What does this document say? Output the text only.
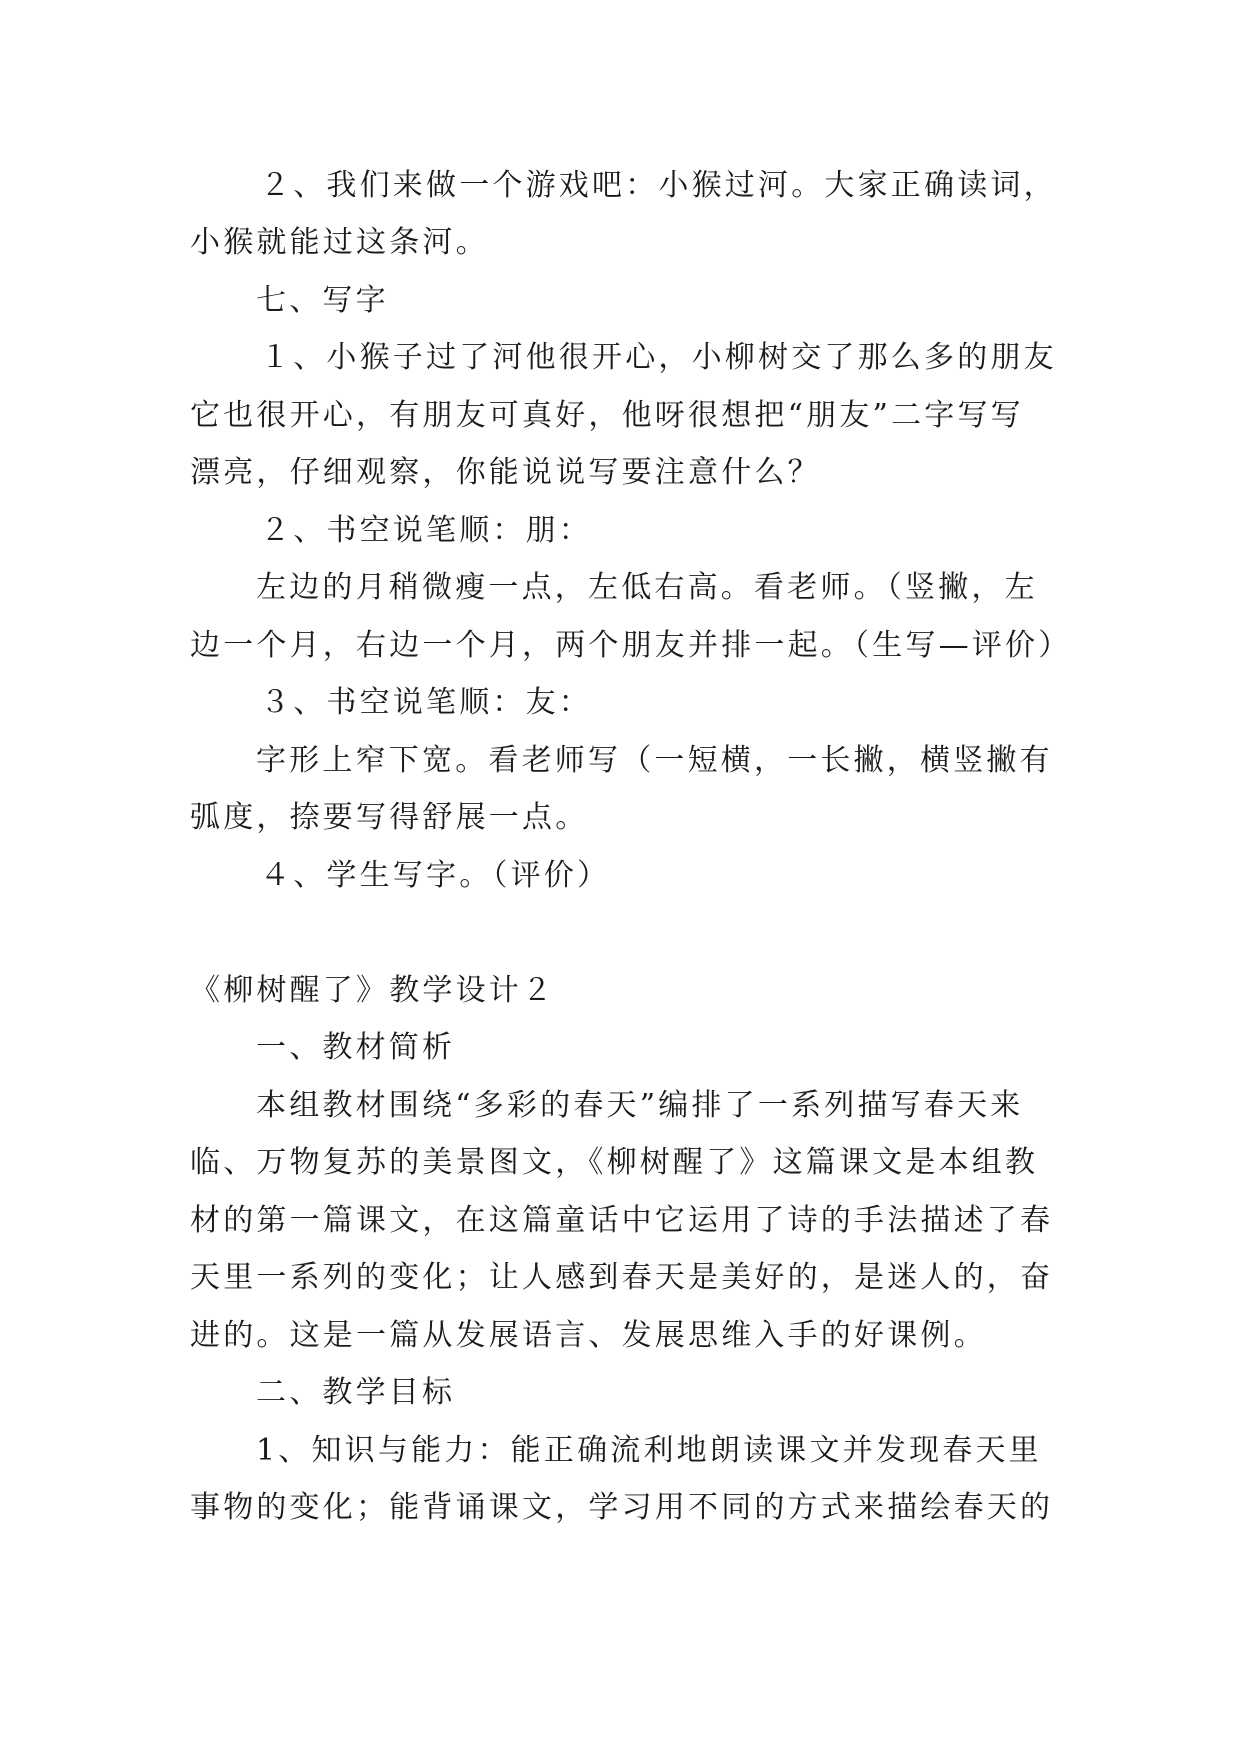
２、我们来做一个游戏吧：小猴过河。大家正确读词，
小猴就能过这条河。
七、写字
１、小猴子过了河他很开心，小柳树交了那么多的朋友
它也很开心，有朋友可真好，他呀很想把“朋友”二字写写
漂亮，仔细观察，你能说说写要注意什么？
２、书空说笔顺：朋：
左边的月稍微瘦一点，左低右高。看老师。（竖撇，左
边一个月，右边一个月，两个朋友并排一起。（生写—评价）
３、书空说笔顺：友：
字形上窄下宽。看老师写（一短横，一长撇，横竖撇有
弧度，捺要写得舒展一点。
４、学生写字。（评价）
《柳树醒了》教学设计２
一、教材简析
本组教材围绕“多彩的春天”编排了一系列描写春天来
临、万物复苏的美景图文，《柳树醒了》这篇课文是本组教
材的第一篇课文，在这篇童话中它运用了诗的手法描述了春
天里一系列的变化；让人感到春天是美好的，是迷人的，奋
进的。这是一篇从发展语言、发展思维入手的好课例。
二、教学目标
1、知识与能力：能正确流利地朗读课文并发现春天里
事物的变化；能背诵课文，学习用不同的方式来描绘春天的
